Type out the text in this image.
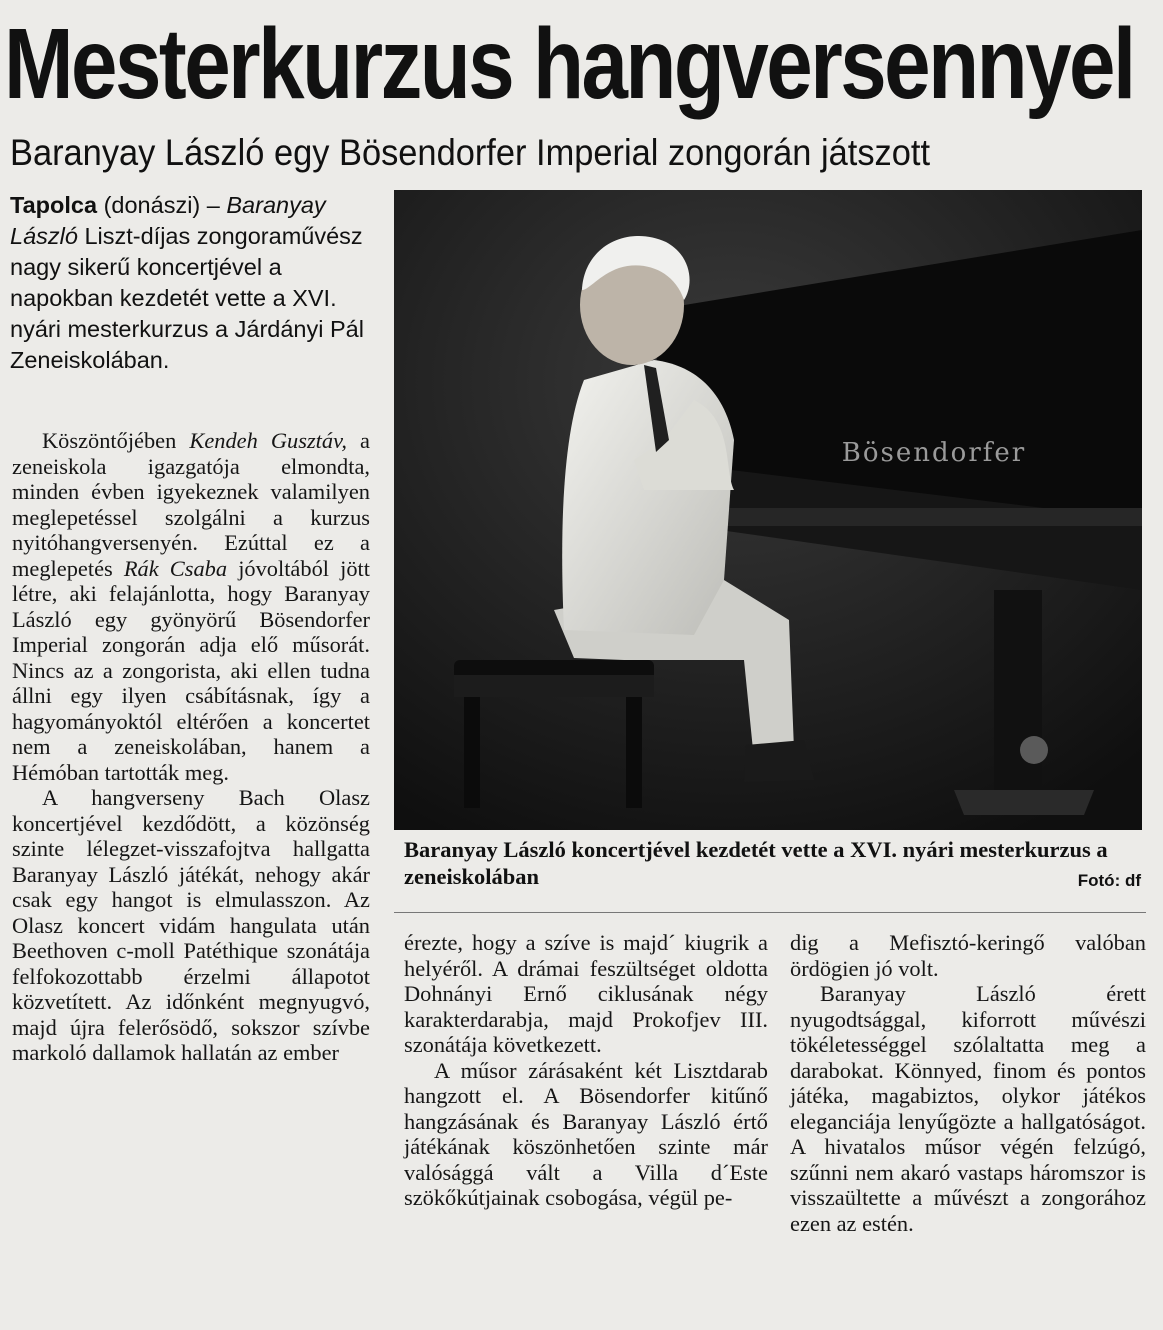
Mesterkurzus hangversennyel
Baranyay László egy Bösendorfer Imperial zongorán játszott
Tapolca (donászi) – Baranyay László Liszt-díjas zongoraművész nagy sikerű koncertjével a napokban kezdetét vette a XVI. nyári mesterkurzus a Járdányi Pál Zeneiskolában.

Köszöntőjében Kendeh Gusztáv, a zeneiskola igazgatója elmondta, minden évben igyekeznek valamilyen meglepetéssel szolgálni a kurzus nyitóhangversenyén. Ezúttal ez a meglepetés Rák Csaba jóvoltából jött létre, aki felajánlotta, hogy Baranyay László egy gyönyörű Bösendorfer Imperial zongorán adja elő műsorát. Nincs az a zongorista, aki ellen tudna állni egy ilyen csábításnak, így a hagyományoktól eltérően a koncertet nem a zeneiskolában, hanem a Hémóban tartották meg.

A hangverseny Bach Olasz koncertjével kezdődött, a közönség szinte lélegzet-visszafojtva hallgatta Baranyay László játékát, nehogy akár csak egy hangot is elmulasszon. Az Olasz koncert vidám hangulata után Beethoven c-moll Patéthique szonátája felfokozottabb érzelmi állapotot közvetített. Az időnként megnyugvó, majd újra felerősödő, sokszor szívbe markoló dallamok hallatán az ember

Bösendorfer
Baranyay László koncertjével kezdetét vette a XVI. nyári mesterkurzus a zeneiskolában	Fotó: df

érezte, hogy a szíve is majd´ kiugrik a helyéről. A drámai feszültséget oldotta Dohnányi Ernő ciklusának négy karakterdarabja, majd Prokofjev III. szonátája következett.

A műsor zárásaként két Lisztdarab hangzott el. A Bösendorfer kitűnő hangzásának és Baranyay László értő játékának köszönhetően szinte már valósággá vált a Villa d´Este szökőkútjainak csobogása, végül pe-

dig a Mefisztó-keringő valóban ördögien jó volt.

Baranyay László érett nyugodtsággal, kiforrott művészi tökéletességgel szólaltatta meg a darabokat. Könnyed, finom és pontos játéka, magabiztos, olykor játékos eleganciája lenyűgözte a hallgatóságot. A hivatalos műsor végén felzúgó, szűnni nem akaró vastaps háromszor is visszaültette a művészt a zongorához ezen az estén.
